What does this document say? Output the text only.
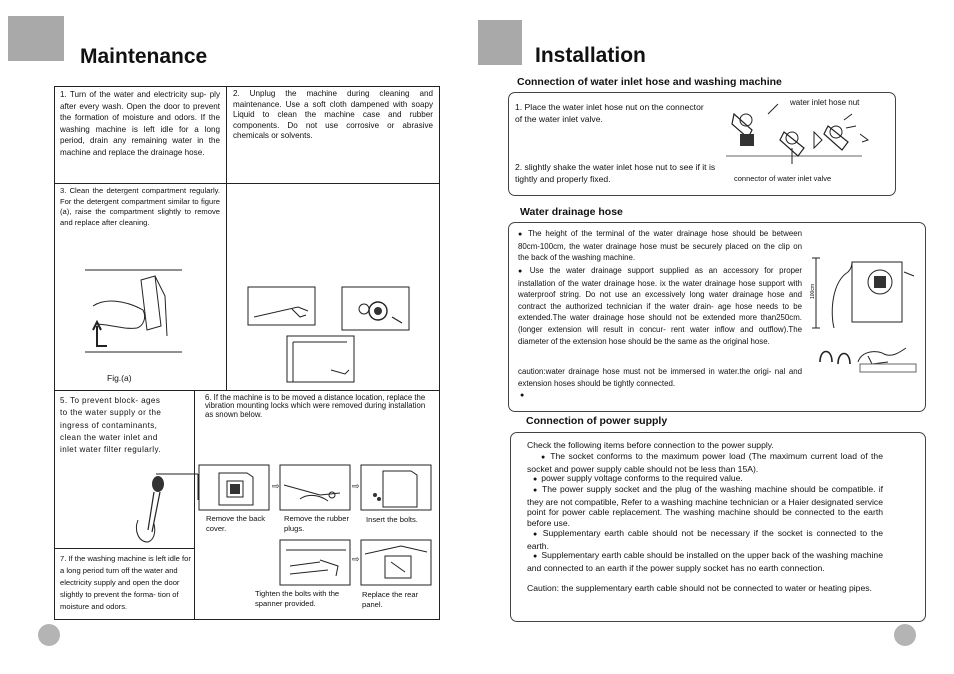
Maintenance
1. Turn of the water and electricity sup- ply after every wash. Open the door to prevent the formation of moisture and odors. If the washing machine is left idle for a long period, drain any remaining water in the machine and replace the drainage hose.
2. Unplug the machine during cleaning and maintenance. Use a soft cloth dampened with soapy Liquid to clean the machine case and rubber components. Do not use corrosive or abrasive chemicals or solvents.
3. Clean the detergent compartment regularly. For the detergent compartment similar to figure (a), raise the compartment slightly to remove and replace after cleaning.
Fig.(a)
5. To prevent block- ages to the water supply or the ingress of contaminants, clean the water inlet and inlet water filter regularly.
6. If the machine is to be moved a distance location, replace the vibration mounting locks which were removed during installation as snown below.
⇨	⇨
Remove the back cover.
Remove the rubber plugs.
Insert the bolts.
⇨
Tighten the bolts with the spanner provided.
Replace the rear panel.
7. If the washing machine is left idle for a long period turn off the water and electricity supply and open the door slightly to prevent the forma- tion of moisture and odors.
Installation
Connection of water inlet hose and washing machine
1. Place the water inlet hose nut on the connector of the water inlet valve.
2. slightly shake the water inlet hose nut to see if it is tightly and properly fixed.
water inlet hose nut
connector of water inlet valve
Water drainage hose
● The height of the terminal of the water drainage hose should be between 80cm-100cm, the water drainage hose must be securely placed on the clip on the back of the washing machine.
● Use the water drainage support supplied as an accessory for proper installation of the water drainage hose. ix the water drainage hose support with waterproof string. Do not use an excessively long water drainage hose and contract the authorized technician if the water drain- age hose needs to be extended.The water drainage hose should not be extended more than250cm.(longer extension will result in concur- rent water inflow and outflow).The diameter of the extension hose should be the same as the original hose.
caution:water drainage hose must not be immersed in water.the origi- nal and extension hoses should be tightly connected.
●
100cm
Connection of power supply
Check the following items before connection to the power supply.
● The socket conforms to the maximum power load (The maximum current load of the socket and power supply cable should not be less than 15A).
● power supply voltage conforms to the required value.
● The power supply socket and the plug of the washing machine should be compatible. if they are not compatible, Refer to a washing machine technician or a Haier designated service point for power cable replacement. The washing machine should be connected to the earth before use.
● Supplementary earth cable should not be necessary if the socket is connected to the earth.
● Supplementary earth cable should be installed on the upper back of the washing machine and connected to an earth if the power supply socket has no earth connection.
Caution: the supplementary earth cable should not be connected to water or heating pipes.
